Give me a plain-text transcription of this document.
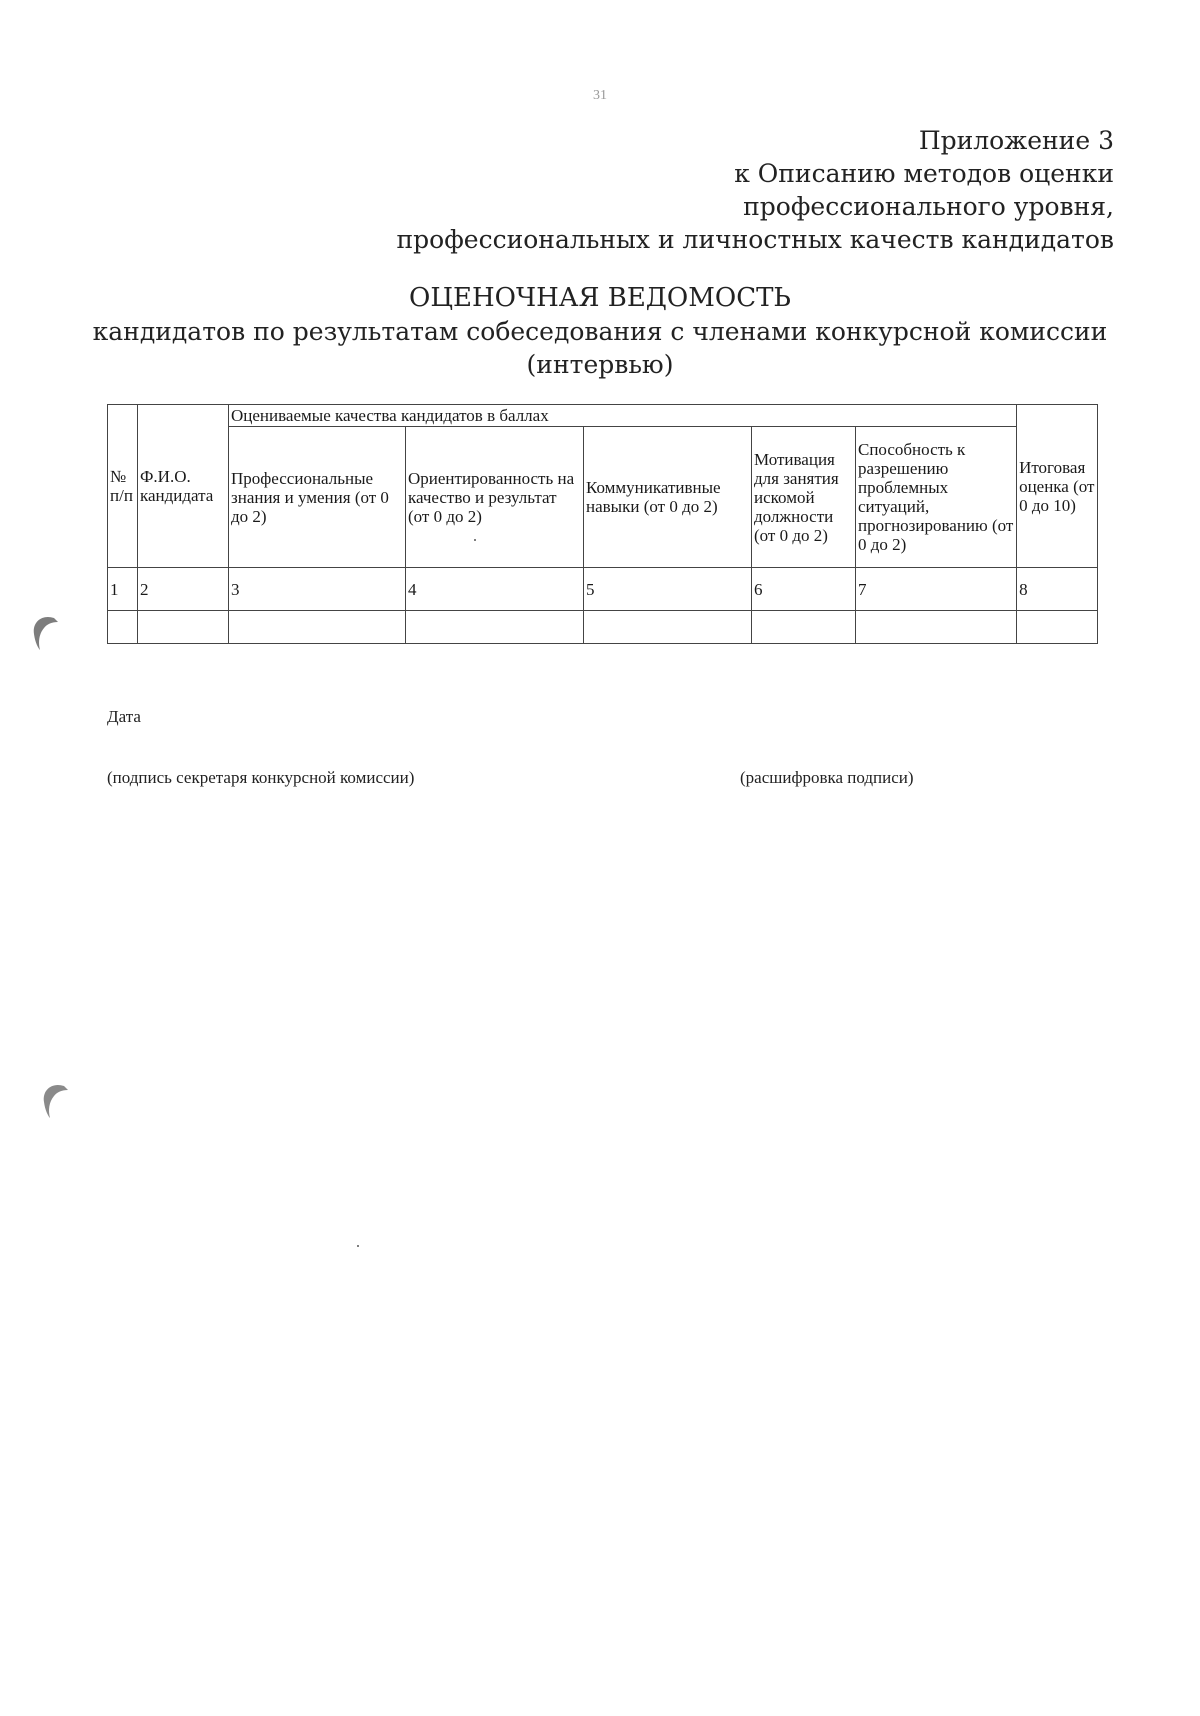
31
Приложение 3
к Описанию методов оценки
профессионального уровня,
профессиональных и личностных качеств кандидатов
ОЦЕНОЧНАЯ ВЕДОМОСТЬ
кандидатов по результатам собеседования с членами конкурсной комиссии
(интервью)
№ п/п	Ф.И.О. кандидата	Оцениваемые качества кандидатов в баллах					Итоговая оценка (от 0 до 10)
		Профессиональные знания и умения (от 0 до 2)	Ориентированность на качество и результат (от 0 до 2)	Коммуникативные навыки (от 0 до 2)	Мотивация для занятия искомой должности (от 0 до 2)	Способность к разрешению проблемных ситуаций, прогнозированию (от 0 до 2)	
1	2	3	4	5	6	7	8

Дата
(подпись секретаря конкурсной комиссии)	(расшифровка подписи)
